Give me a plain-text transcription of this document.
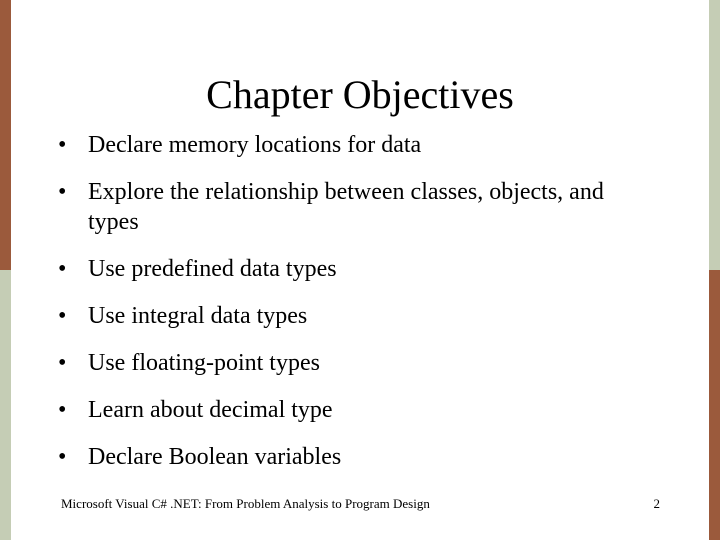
Chapter Objectives
• Declare memory locations for data
• Explore the relationship between classes, objects, and types
• Use predefined data types
• Use integral data types
• Use floating-point types
• Learn about decimal type
• Declare Boolean variables
Microsoft Visual C# .NET: From Problem Analysis to Program Design	2
